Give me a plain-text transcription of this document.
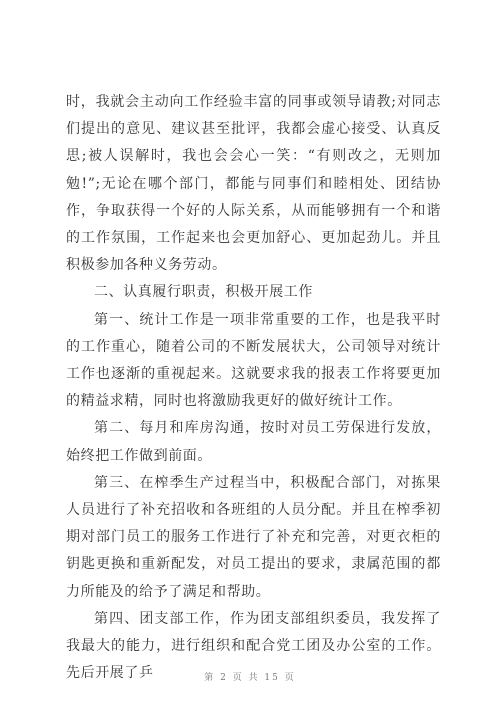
时，我就会主动向工作经验丰富的同事或领导请教;对同志们提出的意见、建议甚至批评，我都会虚心接受、认真反思;被人误解时，我也会会心一笑：“有则改之，无则加勉!”;无论在哪个部门，都能与同事们和睦相处、团结协作，争取获得一个好的人际关系，从而能够拥有一个和谐的工作氛围，工作起来也会更加舒心、更加起劲儿。并且积极参加各种义务劳动。

二、认真履行职责，积极开展工作

第一、统计工作是一项非常重要的工作，也是我平时的工作重心，随着公司的不断发展状大，公司领导对统计工作也逐渐的重视起来。这就要求我的报表工作将要更加的精益求精，同时也将激励我更好的做好统计工作。

第二、每月和库房沟通，按时对员工劳保进行发放，始终把工作做到前面。

第三、在榨季生产过程当中，积极配合部门，对拣果人员进行了补充招收和各班组的人员分配。并且在榨季初期对部门员工的服务工作进行了补充和完善，对更衣柜的钥匙更换和重新配发，对员工提出的要求，隶属范围的都力所能及的给予了满足和帮助。

第四、团支部工作，作为团支部组织委员，我发挥了我最大的能力，进行组织和配合党工团及办公室的工作。先后开展了乒	第 2 页 共 15 页
